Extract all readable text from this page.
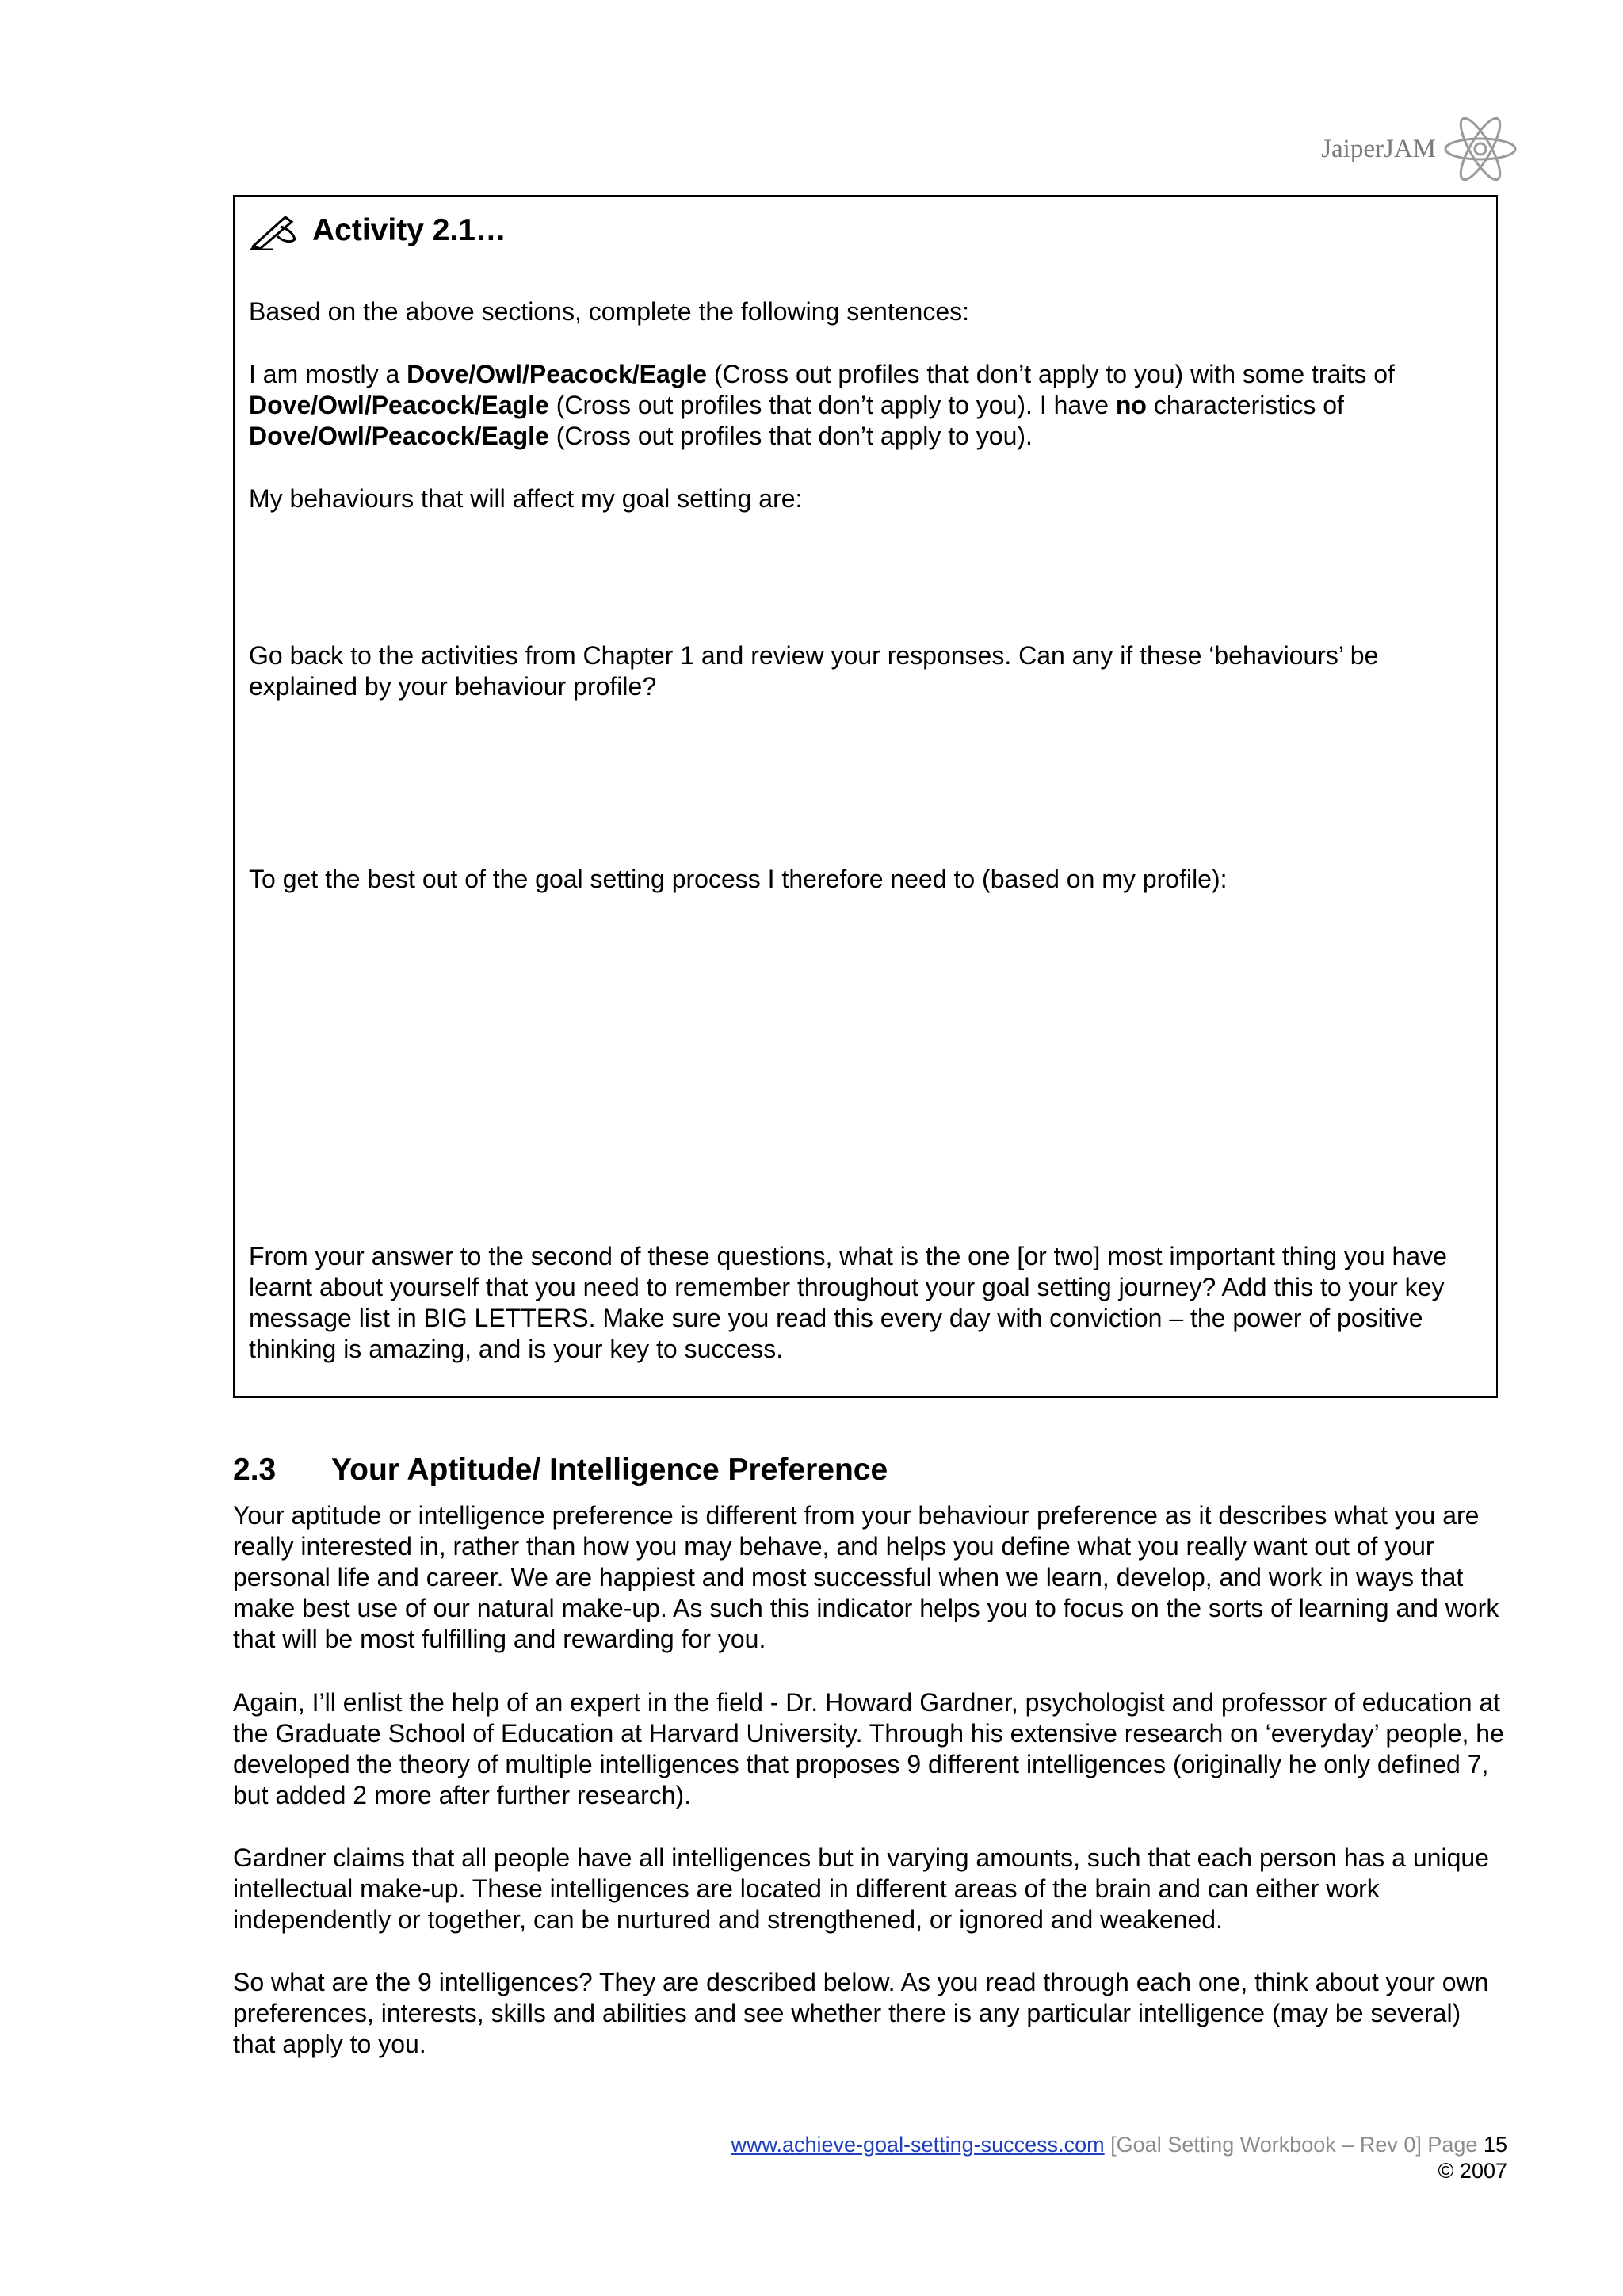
JaiperJAM
Activity 2.1…

Based on the above sections, complete the following sentences:

I am mostly a Dove/Owl/Peacock/Eagle (Cross out profiles that don’t apply to you) with some traits of Dove/Owl/Peacock/Eagle (Cross out profiles that don’t apply to you). I have no characteristics of Dove/Owl/Peacock/Eagle (Cross out profiles that don’t apply to you).

My behaviours that will affect my goal setting are:

Go back to the activities from Chapter 1 and review your responses. Can any if these ‘behaviours’ be explained by your behaviour profile?

To get the best out of the goal setting process I therefore need to (based on my profile):

From your answer to the second of these questions, what is the one [or two] most important thing you have learnt about yourself that you need to remember throughout your goal setting journey? Add this to your key message list in BIG LETTERS. Make sure you read this every day with conviction – the power of positive thinking is amazing, and is your key to success.

2.3 Your Aptitude/ Intelligence Preference

Your aptitude or intelligence preference is different from your behaviour preference as it describes what you are really interested in, rather than how you may behave, and helps you define what you really want out of your personal life and career. We are happiest and most successful when we learn, develop, and work in ways that make best use of our natural make-up. As such this indicator helps you to focus on the sorts of learning and work that will be most fulfilling and rewarding for you.

Again, I’ll enlist the help of an expert in the field - Dr. Howard Gardner, psychologist and professor of education at the Graduate School of Education at Harvard University. Through his extensive research on ‘everyday’ people, he developed the theory of multiple intelligences that proposes 9 different intelligences (originally he only defined 7, but added 2 more after further research).

Gardner claims that all people have all intelligences but in varying amounts, such that each person has a unique intellectual make-up. These intelligences are located in different areas of the brain and can either work independently or together, can be nurtured and strengthened, or ignored and weakened.

So what are the 9 intelligences? They are described below. As you read through each one, think about your own preferences, interests, skills and abilities and see whether there is any particular intelligence (may be several) that apply to you.

www.achieve-goal-setting-success.com [Goal Setting Workbook – Rev 0] Page 15
© 2007
